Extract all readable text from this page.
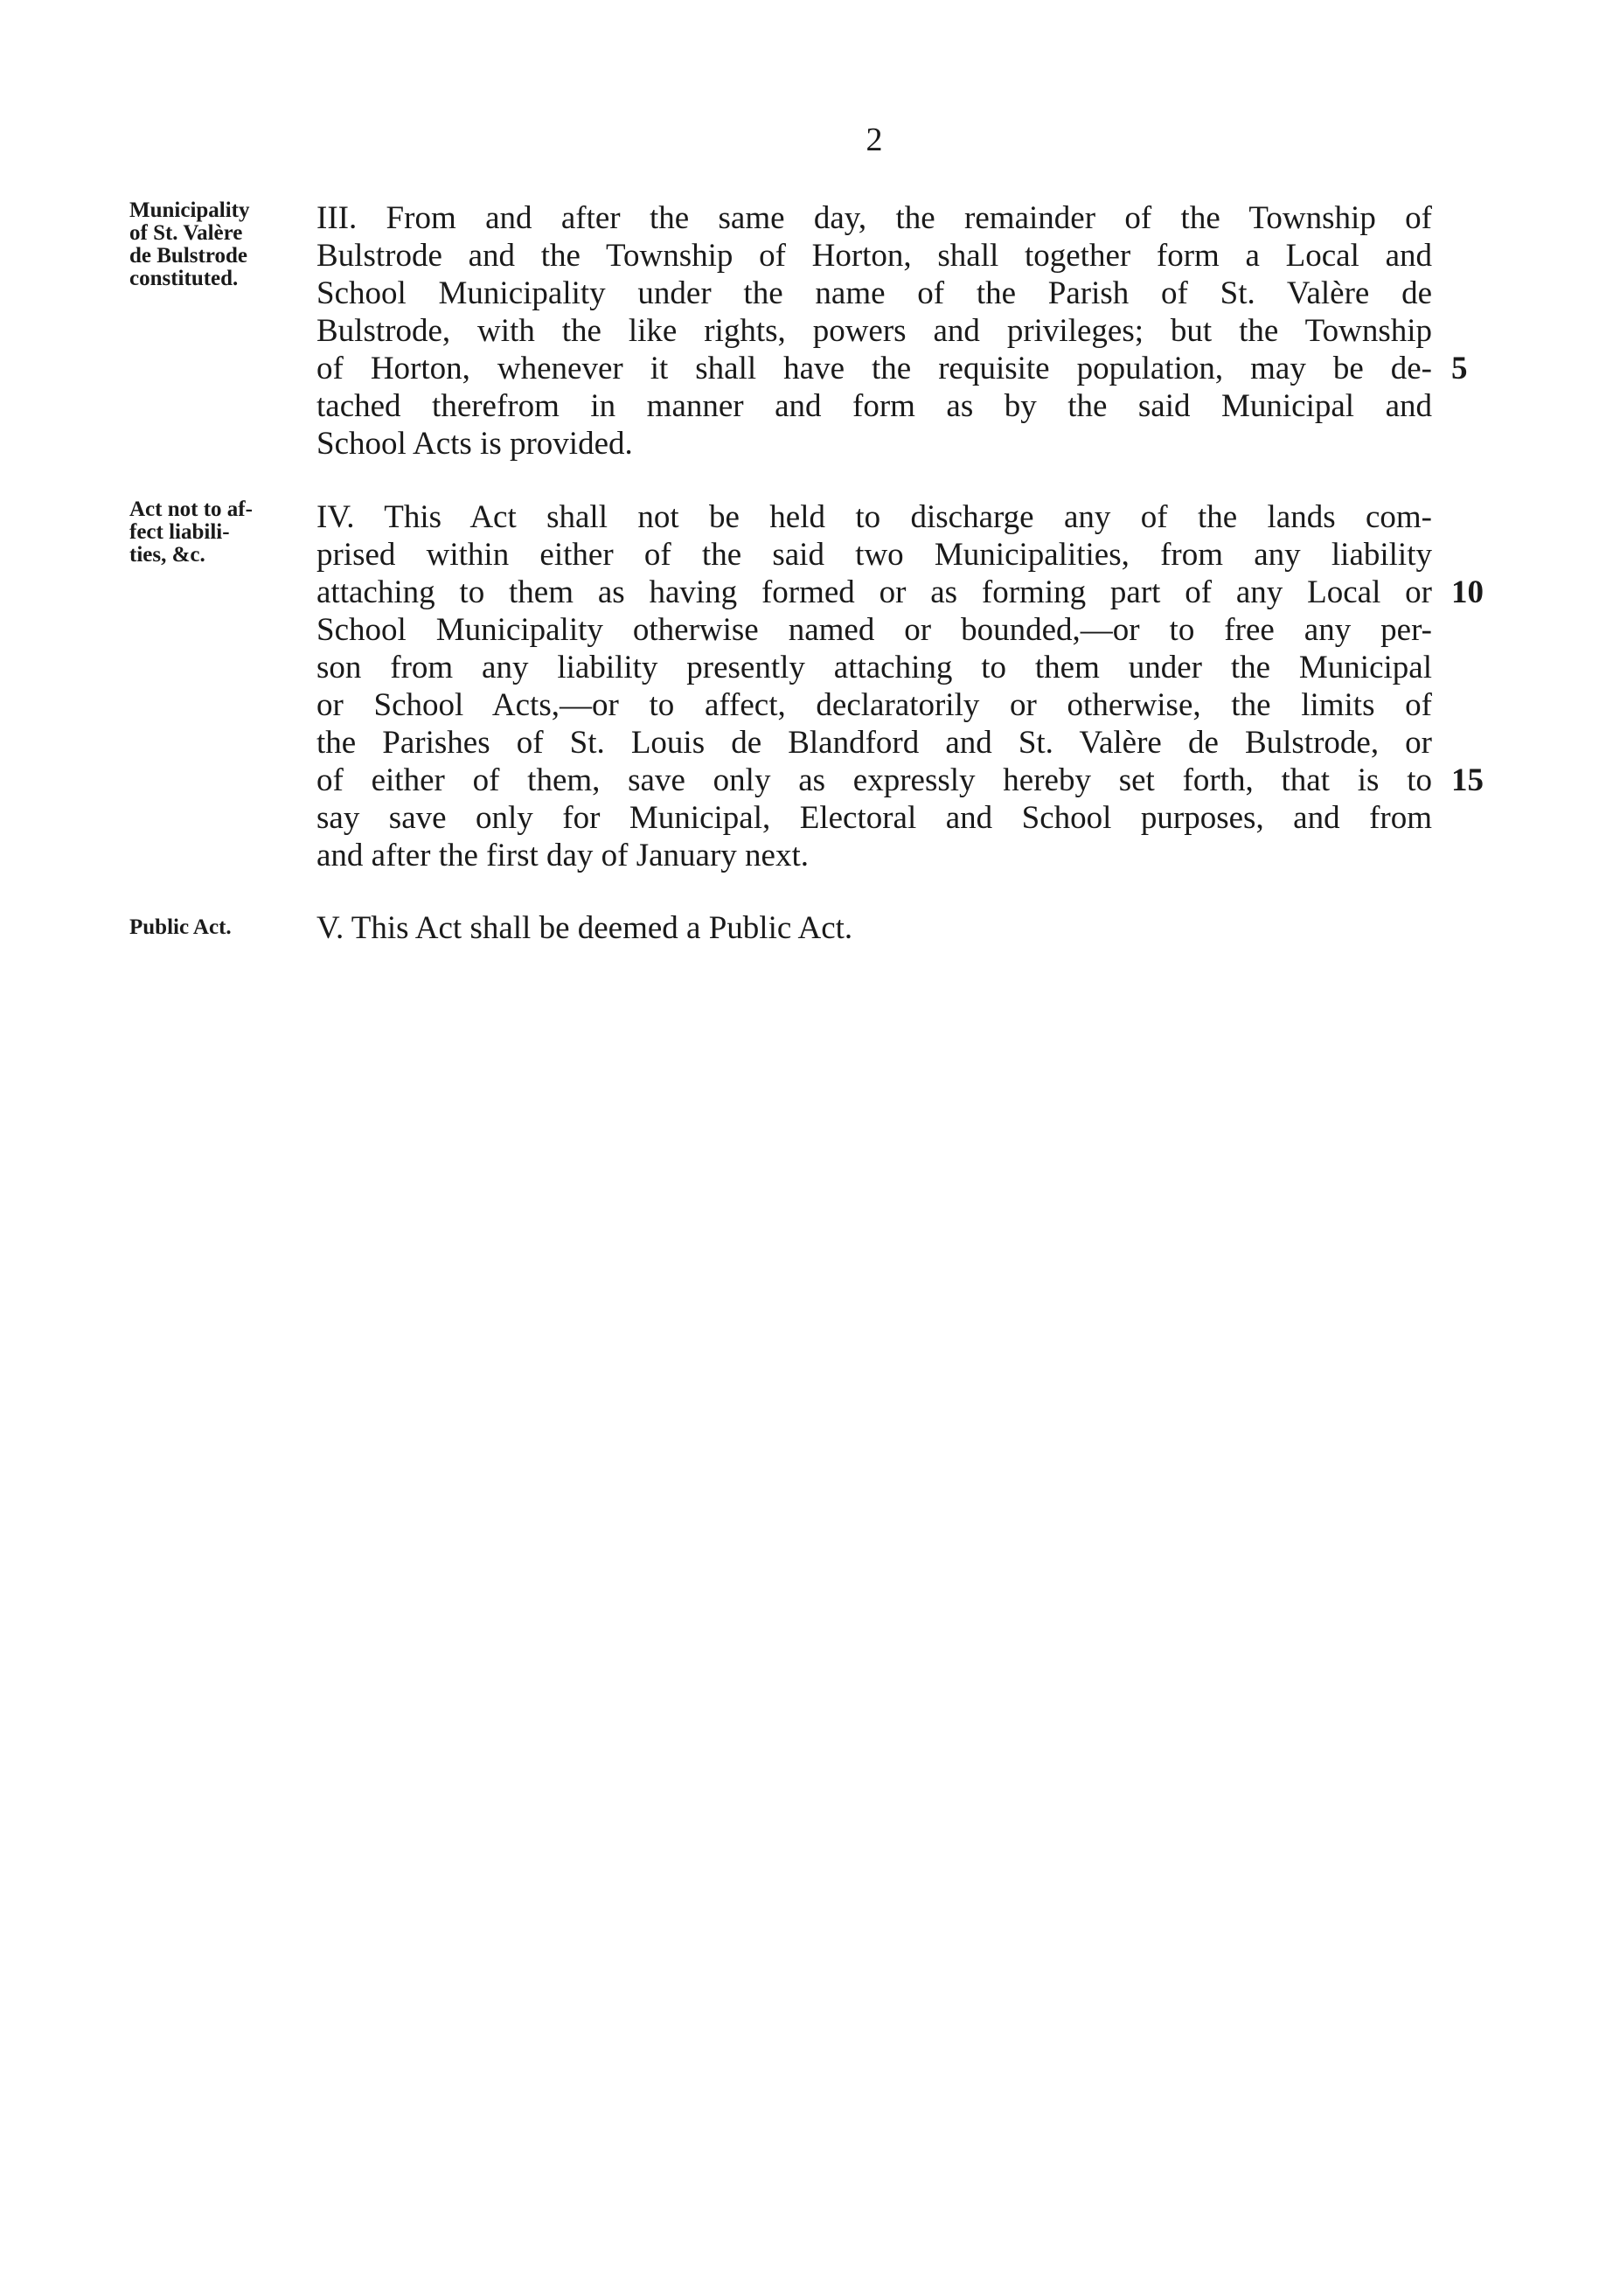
2
Municipality
of St. Valère
de Bulstrode
constituted.
III. From and after the same day, the remainder of the Township of
Bulstrode and the Township of Horton, shall together form a Local and
School Municipality under the name of the Parish of St. Valère de
Bulstrode, with the like rights, powers and privileges; but the Township
of Horton, whenever it shall have the requisite population, may be de-
tached therefrom in manner and form as by the said Municipal and
School Acts is provided.
5
Act not to af-
fect liabili-
ties, &c.
IV. This Act shall not be held to discharge any of the lands com-
prised within either of the said two Municipalities, from any liability
attaching to them as having formed or as forming part of any Local or
School Municipality otherwise named or bounded,—or to free any per-
son from any liability presently attaching to them under the Municipal
or School Acts,—or to affect, declaratorily or otherwise, the limits of
the Parishes of St. Louis de Blandford and St. Valère de Bulstrode, or
of either of them, save only as expressly hereby set forth, that is to
say save only for Municipal, Electoral and School purposes, and from
and after the first day of January next.
10
15
Public Act.	V. This Act shall be deemed a Public Act.
